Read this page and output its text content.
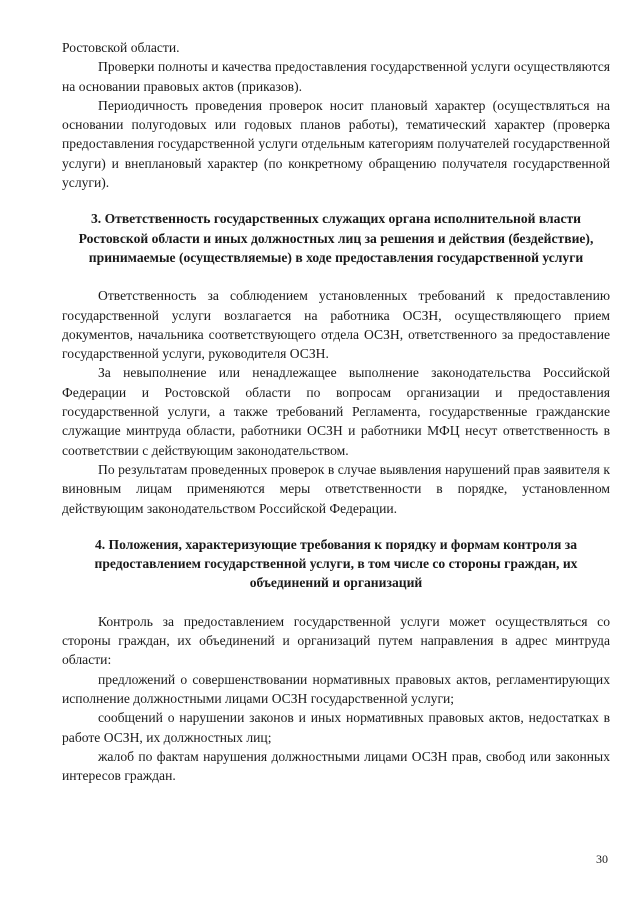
Ростовской области.

Проверки полноты и качества предоставления государственной услуги осуществляются на основании правовых актов (приказов).

Периодичность проведения проверок носит плановый характер (осуществляться на основании полугодовых или годовых планов работы), тематический характер (проверка предоставления государственной услуги отдельным категориям получателей государственной услуги) и внеплановый характер (по конкретному обращению получателя государственной услуги).

3. Ответственность государственных служащих органа исполнительной власти Ростовской области и иных должностных лиц за решения и действия (бездействие), принимаемые (осуществляемые) в ходе предоставления государственной услуги

Ответственность за соблюдением установленных требований к предоставлению государственной услуги возлагается на работника ОСЗН, осуществляющего прием документов, начальника соответствующего отдела ОСЗН, ответственного за предоставление государственной услуги, руководителя ОСЗН.

За невыполнение или ненадлежащее выполнение законодательства Российской Федерации и Ростовской области по вопросам организации и предоставления государственной услуги, а также требований Регламента, государственные гражданские служащие минтруда области, работники ОСЗН и работники МФЦ несут ответственность в соответствии с действующим законодательством.

По результатам проведенных проверок в случае выявления нарушений прав заявителя к виновным лицам применяются меры ответственности в порядке, установленном действующим законодательством Российской Федерации.

4. Положения, характеризующие требования к порядку и формам контроля за предоставлением государственной услуги, в том числе со стороны граждан, их объединений и организаций

Контроль за предоставлением государственной услуги может осуществляться со стороны граждан, их объединений и организаций путем направления в адрес минтруда области:

предложений о совершенствовании нормативных правовых актов, регламентирующих исполнение должностными лицами ОСЗН государственной услуги;

сообщений о нарушении законов и иных нормативных правовых актов, недостатках в работе ОСЗН, их должностных лиц;

жалоб по фактам нарушения должностными лицами ОСЗН прав, свобод или законных интересов граждан.

30
